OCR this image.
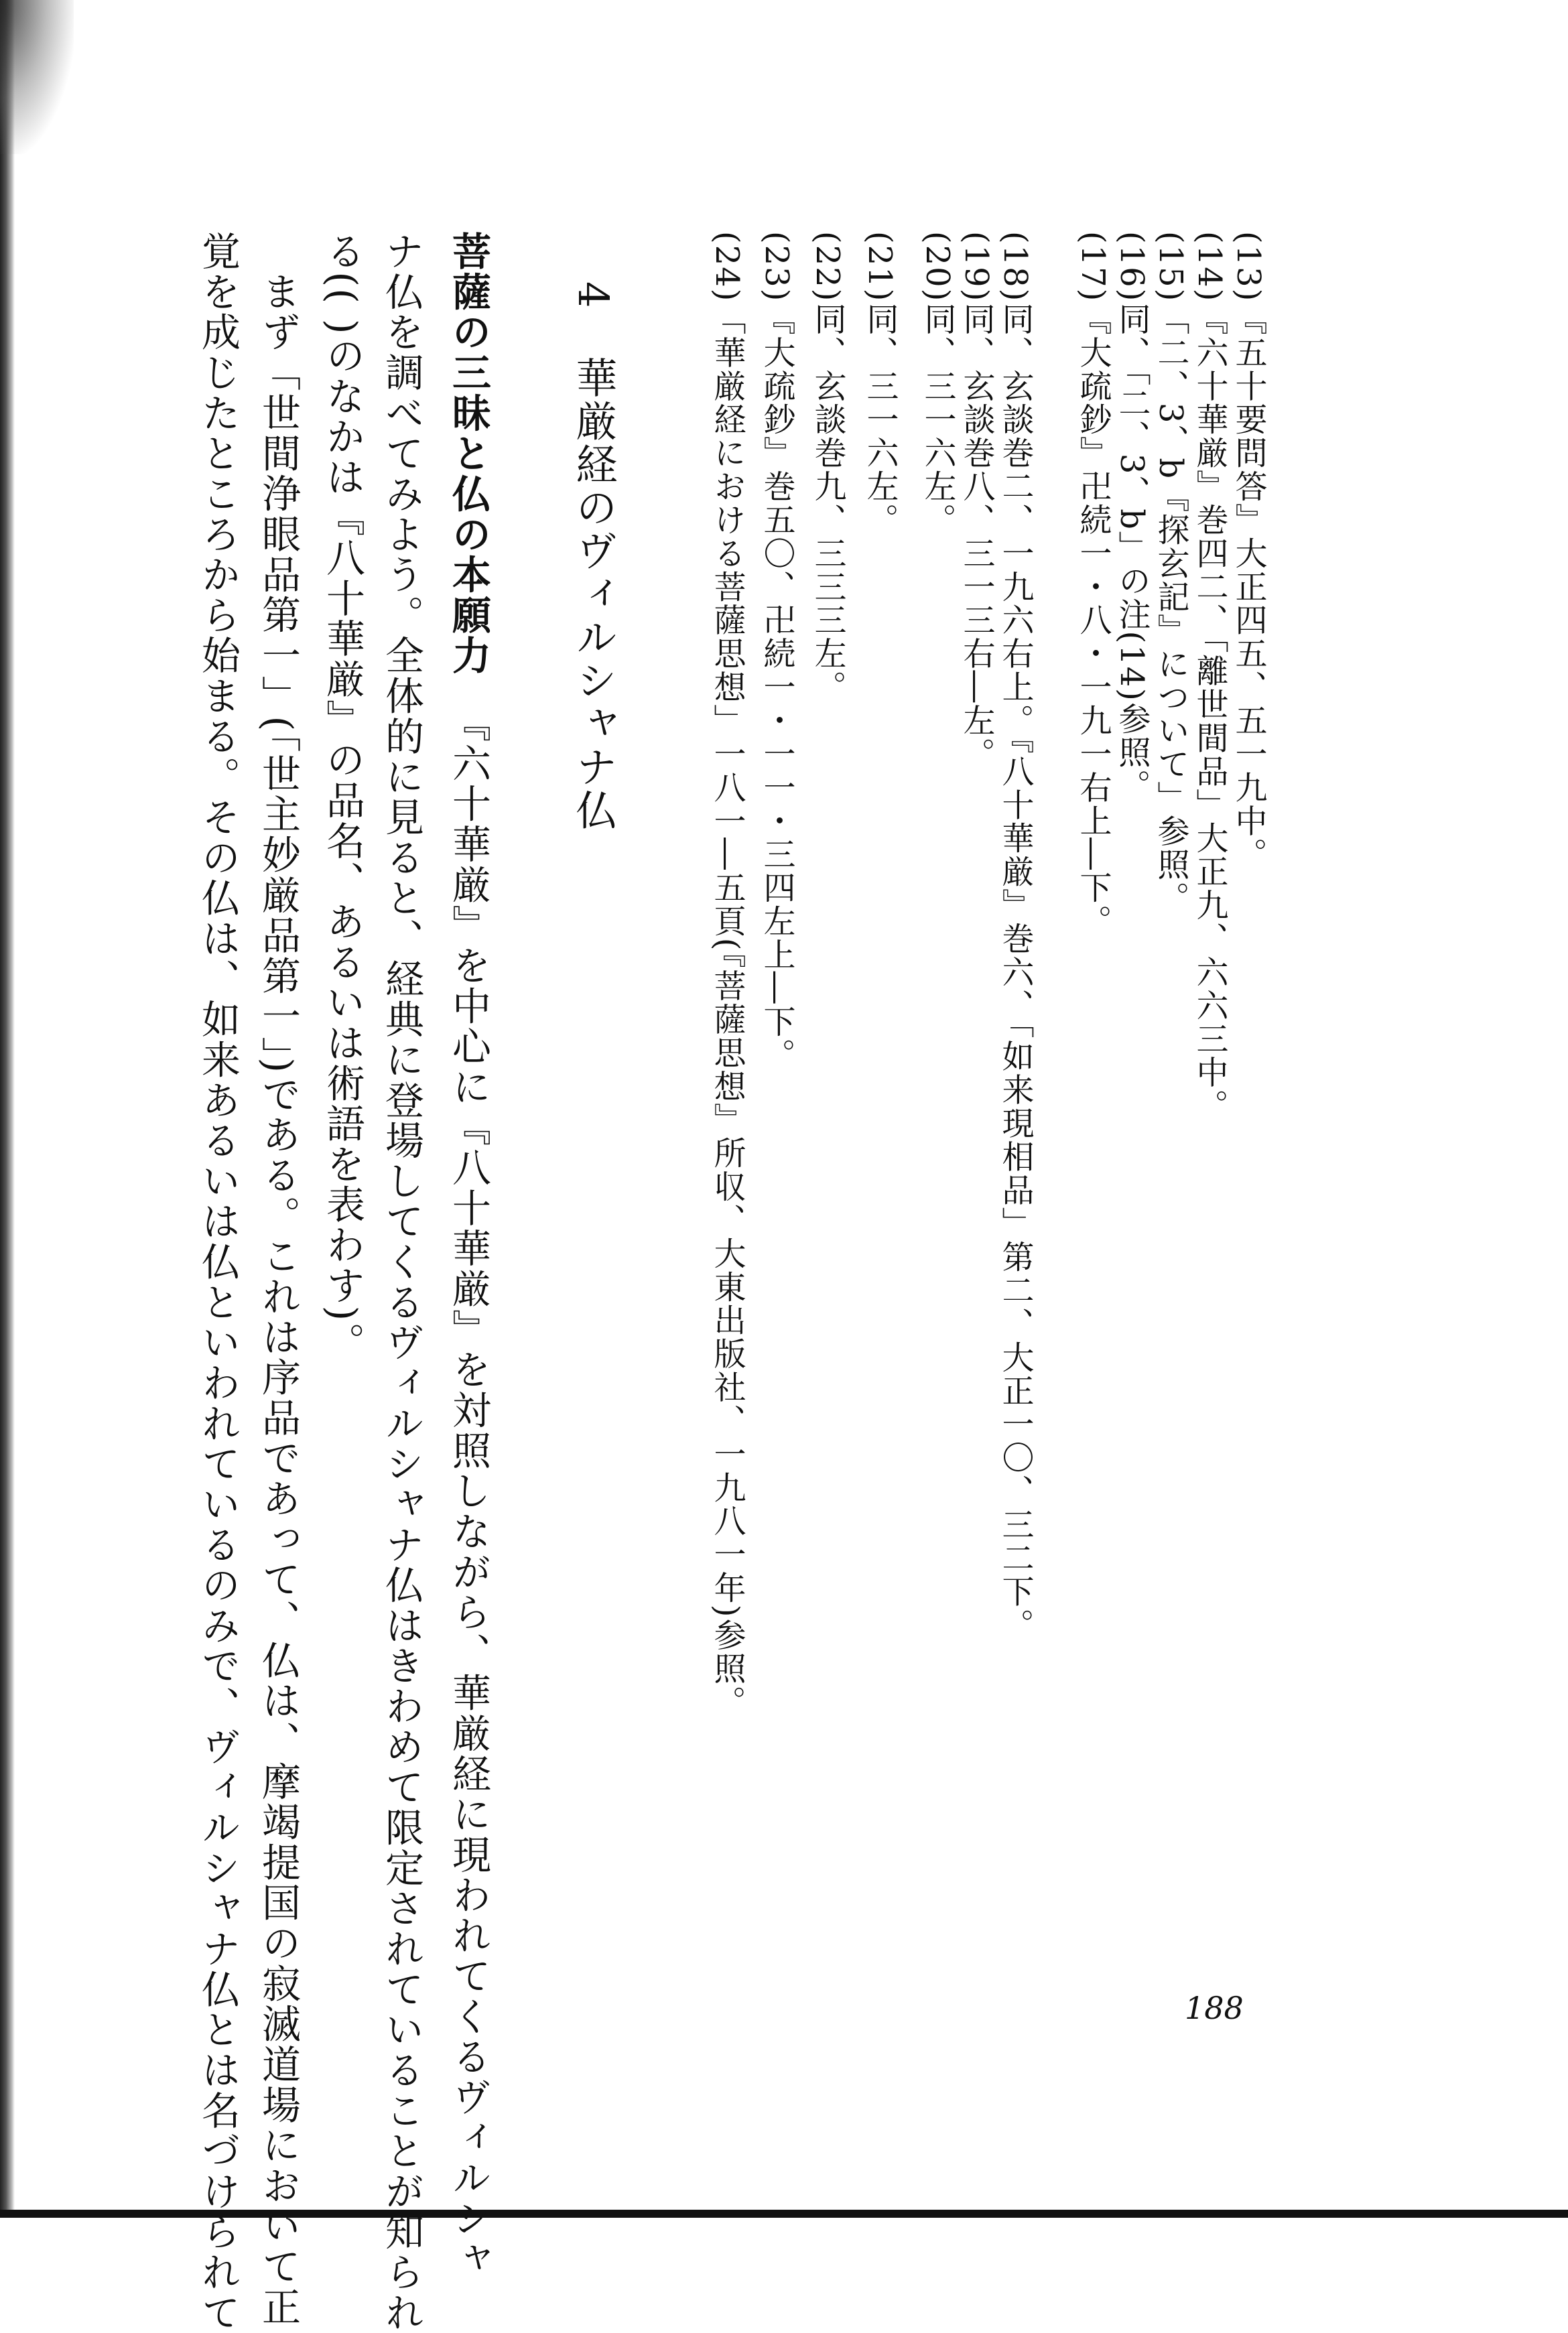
(13)『五十要問答』大正四五、五一九中。
(14)『六十華厳』巻四二、「離世間品」大正九、六六三中。
(15)「二、3、b『探玄記』について」参照。
(16)同、「二、3、b」の注(14)参照。
(17)『大疏鈔』卍続一・八・一九一右上―下。
(18)同、玄談巻二、一九六右上。『八十華厳』巻六、「如来現相品」第二、大正一〇、三二下。
(19)同、玄談巻八、三一三右―左。
(20)同、三一六左。
(21)同、三一六左。
(22)同、玄談巻九、三三三左。
(23)『大疏鈔』巻五〇、卍続一・一一・三四左上―下。
(24)「華厳経における菩薩思想」一八一―五頁(『菩薩思想』所収、大東出版社、一九八一年)参照。
4華厳経のヴィルシャナ仏
菩薩の三昧と仏の本願力『六十華厳』を中心に『八十華厳』を対照しながら、華厳経に現われてくるヴィルシャ
ナ仏を調べてみよう。全体的に見ると、経典に登場してくるヴィルシャナ仏はきわめて限定されていることが知られ
る(( )のなかは『八十華厳』の品名、あるいは術語を表わす)。
まず「世間浄眼品第一」(「世主妙厳品第一」)である。これは序品であって、仏は、摩竭提国の寂滅道場において正
覚を成じたところから始まる。その仏は、如来あるいは仏といわれているのみで、ヴィルシャナ仏とは名づけられて	188
